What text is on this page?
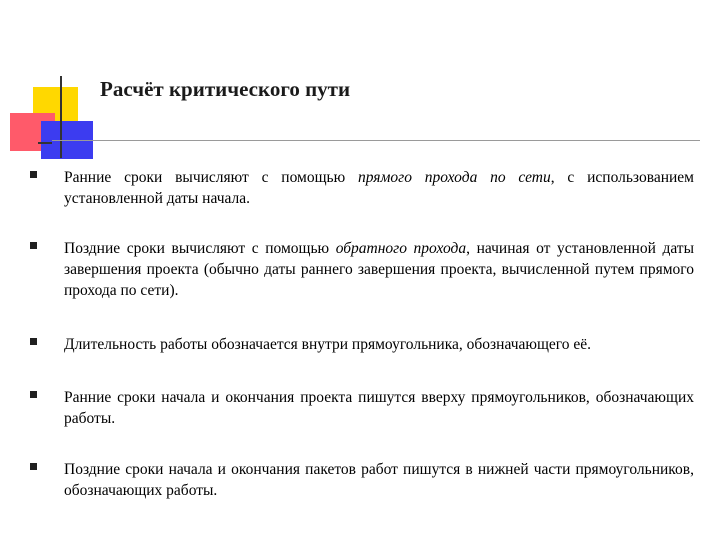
Расчёт критического пути
Ранние сроки вычисляют с помощью прямого прохода по сети, с использованием установленной даты начала.
Поздние сроки вычисляют с помощью обратного прохода, начиная от установленной даты завершения проекта (обычно даты раннего завершения проекта, вычисленной путем прямого прохода по сети).
Длительность работы обозначается внутри прямоугольника, обозначающего её.
Ранние сроки начала и окончания проекта пишутся вверху прямоугольников, обозначающих работы.
Поздние сроки начала и окончания пакетов работ пишутся в нижней части прямоугольников, обозначающих работы.
